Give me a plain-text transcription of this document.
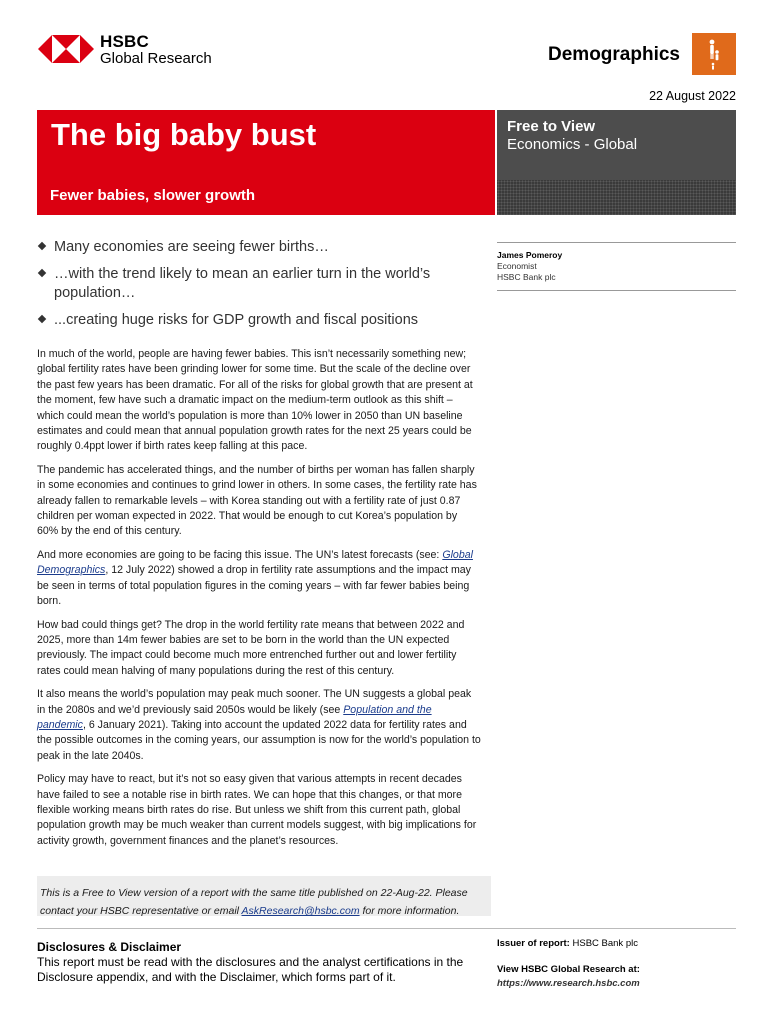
HSBC
Global Research	Demographics
22 August 2022
The big baby bust
Fewer babies, slower growth
Free to View
Economics - Global
Many economies are seeing fewer births…
…with the trend likely to mean an earlier turn in the world’s population…
...creating huge risks for GDP growth and fiscal positions
James Pomeroy
Economist
HSBC Bank plc

In much of the world, people are having fewer babies. This isn’t necessarily something new; global fertility rates have been grinding lower for some time. But the scale of the decline over the past few years has been dramatic. For all of the risks for global growth that are present at the moment, few have such a dramatic impact on the medium-term outlook as this shift – which could mean the world’s population is more than 10% lower in 2050 than UN baseline estimates and could mean that annual population growth rates for the next 25 years could be roughly 0.4ppt lower if birth rates keep falling at this pace.

The pandemic has accelerated things, and the number of births per woman has fallen sharply in some economies and continues to grind lower in others. In some cases, the fertility rate has already fallen to remarkable levels – with Korea standing out with a fertility rate of just 0.87 children per woman expected in 2022. That would be enough to cut Korea’s population by 60% by the end of this century.

And more economies are going to be facing this issue. The UN’s latest forecasts (see: Global Demographics, 12 July 2022) showed a drop in fertility rate assumptions and the impact may be seen in terms of total population figures in the coming years – with far fewer babies being born.

How bad could things get? The drop in the world fertility rate means that between 2022 and 2025, more than 14m fewer babies are set to be born in the world than the UN expected previously. The impact could become much more entrenched further out and lower fertility rates could mean halving of many populations during the rest of this century.

It also means the world’s population may peak much sooner. The UN suggests a global peak in the 2080s and we’d previously said 2050s would be likely (see Population and the pandemic, 6 January 2021). Taking into account the updated 2022 data for fertility rates and the possible outcomes in the coming years, our assumption is now for the world’s population to peak in the late 2040s.

Policy may have to react, but it’s not so easy given that various attempts in recent decades have failed to see a notable rise in birth rates. We can hope that this changes, or that more flexible working means birth rates do rise. But unless we shift from this current path, global population growth may be much weaker than current models suggest, with big implications for activity growth, government finances and the planet’s resources.

This is a Free to View version of a report with the same title published on 22-Aug-22. Please contact your HSBC representative or email AskResearch@hsbc.com for more information.
Disclosures & Disclaimer
This report must be read with the disclosures and the analyst certifications in the Disclosure appendix, and with the Disclaimer, which forms part of it.
Issuer of report: HSBC Bank plc
View HSBC Global Research at:
https://www.research.hsbc.com
